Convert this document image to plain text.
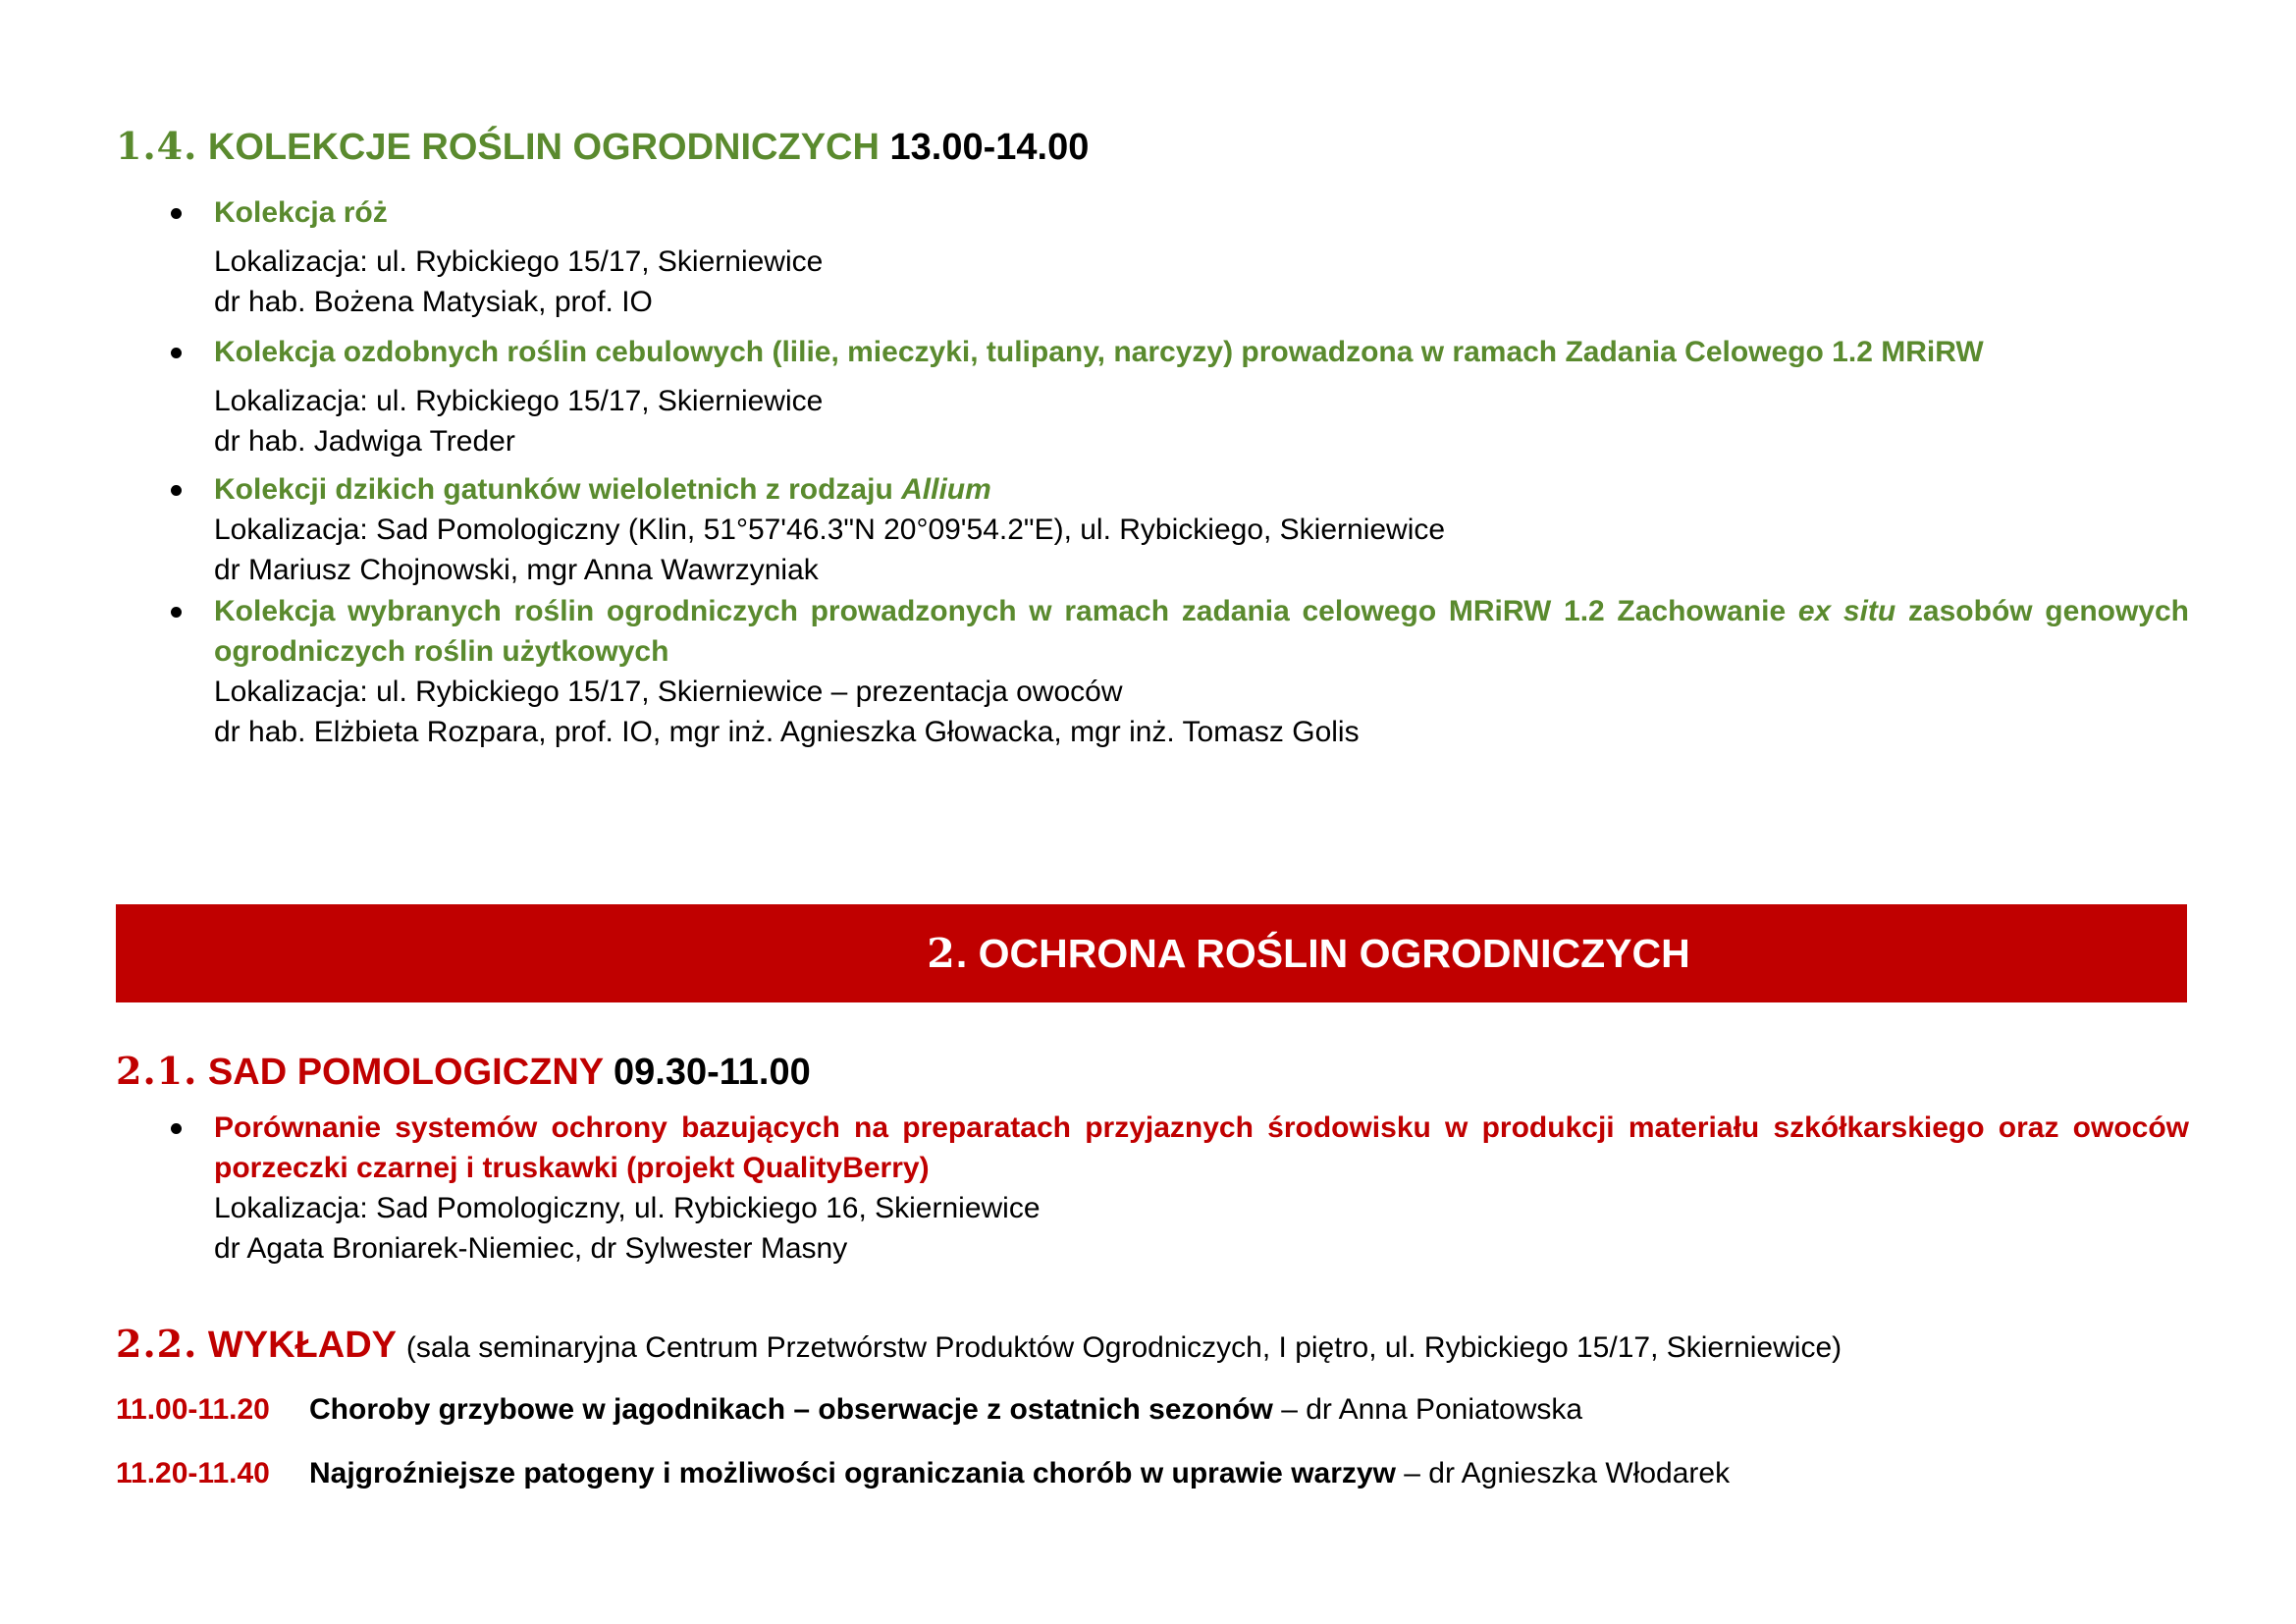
1.4. KOLEKCJE ROŚLIN OGRODNICZYCH 13.00-14.00
Kolekcja róż
Lokalizacja: ul. Rybickiego 15/17, Skierniewice
dr hab. Bożena Matysiak, prof. IO
Kolekcja ozdobnych roślin cebulowych (lilie, mieczyki, tulipany, narcyzy) prowadzona w ramach Zadania Celowego 1.2 MRiRW
Lokalizacja: ul. Rybickiego 15/17, Skierniewice
dr hab. Jadwiga Treder
Kolekcji dzikich gatunków wieloletnich z rodzaju Allium
Lokalizacja: Sad Pomologiczny (Klin, 51°57'46.3"N 20°09'54.2"E), ul. Rybickiego, Skierniewice
dr Mariusz Chojnowski, mgr Anna Wawrzyniak
Kolekcja wybranych roślin ogrodniczych prowadzonych w ramach zadania celowego MRiRW 1.2 Zachowanie ex situ zasobów genowych ogrodniczych roślin użytkowych
Lokalizacja: ul. Rybickiego 15/17, Skierniewice – prezentacja owoców
dr hab. Elżbieta Rozpara, prof. IO, mgr inż. Agnieszka Głowacka, mgr inż. Tomasz Golis
2. OCHRONA ROŚLIN OGRODNICZYCH
2.1. SAD POMOLOGICZNY 09.30-11.00
Porównanie systemów ochrony bazujących na preparatach przyjaznych środowisku w produkcji materiału szkółkarskiego oraz owoców porzeczki czarnej i truskawki (projekt QualityBerry)
Lokalizacja: Sad Pomologiczny, ul. Rybickiego 16, Skierniewice
dr Agata Broniarek-Niemiec, dr Sylwester Masny
2.2. WYKŁADY (sala seminaryjna Centrum Przetwórstw Produktów Ogrodniczych, I piętro, ul. Rybickiego 15/17, Skierniewice)
11.00-11.20 Choroby grzybowe w jagodnikach – obserwacje z ostatnich sezonów – dr Anna Poniatowska
11.20-11.40 Najgroźniejsze patogeny i możliwości ograniczania chorób w uprawie warzyw – dr Agnieszka Włodarek
